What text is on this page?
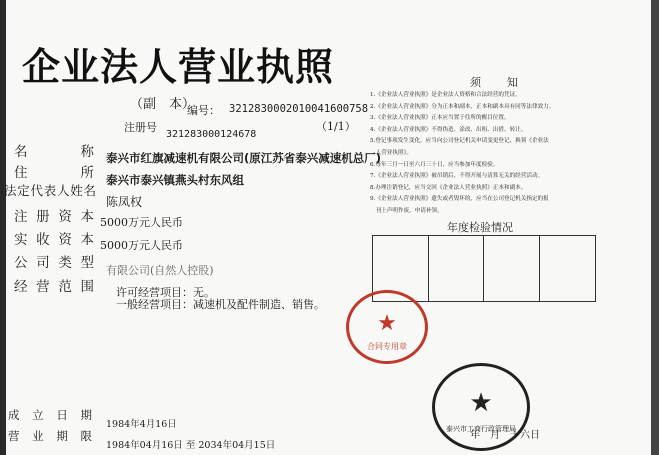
企业法人营业执照
（副　本）
编号： 3212830002010041600758
注册号	（1/1）
321283000124678
名称
住所
法定代表人姓名
注册资本
实收资本
公司类型
经营范围
成立日期
营业期限
泰兴市红旗减速机有限公司(原江苏省泰兴减速机总厂)
泰兴市泰兴镇燕头村东风组
陈凤权
5000万元人民币
5000万元人民币
有限公司(自然人控股)
许可经营项目：无。
一般经营项目：减速机及配件制造、销售。
1984年4月16日
1984年04月16日 至 2034年04月15日
须知
1.《企业法人营业执照》是企业法人资格和合法经营的凭证。
2.《企业法人营业执照》分为正本和副本，正本和副本具有同等法律效力。
3.《企业法人营业执照》正本应当置于住所的醒目位置。
4.《企业法人营业执照》不得伪造、涂改、出租、出借、转让。
5.登记事项发生变化，应当向公司登记机关申请变更登记，换领《企业法
　人营业执照》。
6.每年三月一日至六月三十日，应当参加年度检验。
7.《企业法人营业执照》被吊销后，不得开展与清算无关的经营活动。
8.办理注销登记，应当交回《企业法人营业执照》正本和副本。
9.《企业法人营业执照》遗失或者毁坏的，应当在公司登记机关指定的报
　刊上声明作废，申请补领。
年度检验情况
★
合同专用章
★
泰兴市工商行政管理局
年　月　十六日
